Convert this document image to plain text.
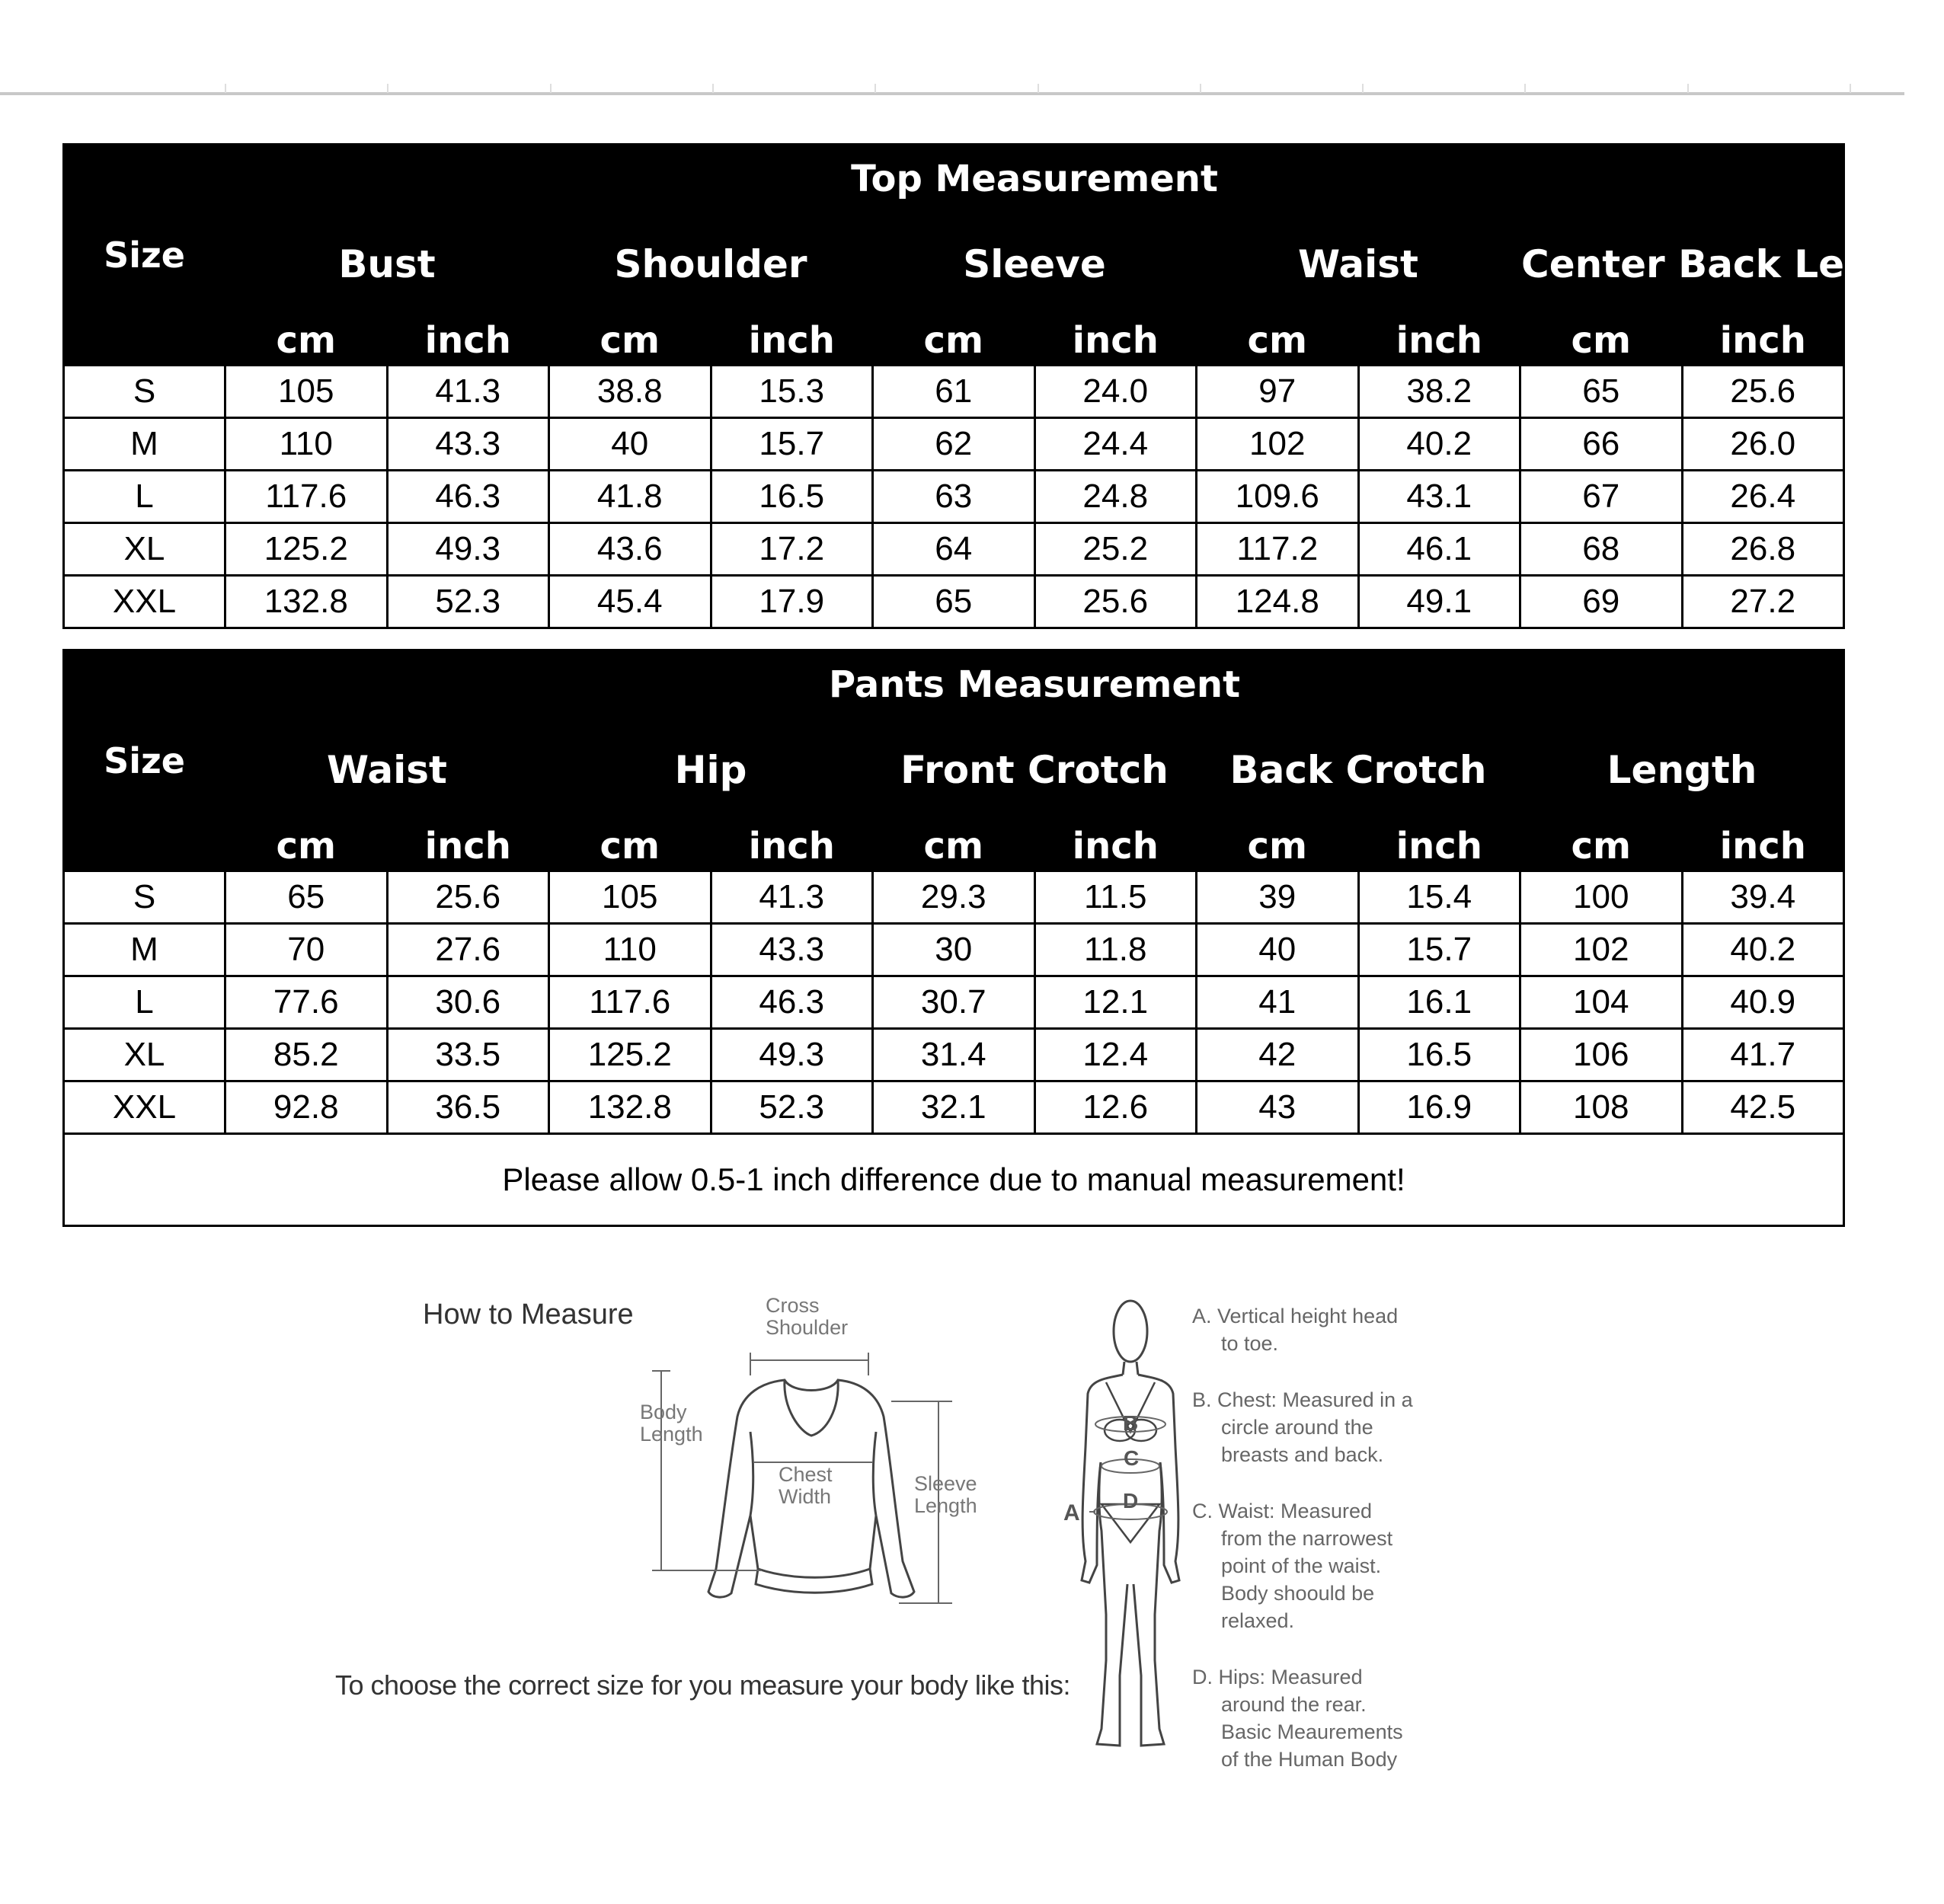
Size	Top Measurement									
	Bust		Shoulder		Sleeve		Waist		Center Back Length	
	cm	inch	cm	inch	cm	inch	cm	inch	cm	inch
S	105	41.3	38.8	15.3	61	24.0	97	38.2	65	25.6
M	110	43.3	40	15.7	62	24.4	102	40.2	66	26.0
L	117.6	46.3	41.8	16.5	63	24.8	109.6	43.1	67	26.4
XL	125.2	49.3	43.6	17.2	64	25.2	117.2	46.1	68	26.8
XXL	132.8	52.3	45.4	17.9	65	25.6	124.8	49.1	69	27.2
Size	Pants Measurement									
	Waist		Hip		Front Crotch		Back Crotch		Length	
	cm	inch	cm	inch	cm	inch	cm	inch	cm	inch
S	65	25.6	105	41.3	29.3	11.5	39	15.4	100	39.4
M	70	27.6	110	43.3	30	11.8	40	15.7	102	40.2
L	77.6	30.6	117.6	46.3	30.7	12.1	41	16.1	104	40.9
XL	85.2	33.5	125.2	49.3	31.4	12.4	42	16.5	106	41.7
XXL	92.8	36.5	132.8	52.3	32.1	12.6	43	16.9	108	42.5
Please allow 0.5-1 inch difference due to manual measurement!										
How to Measure
To choose the correct size for you measure your body like this:
A
B
C
D
Cross
Shoulder
Body
Length
Chest
Width
Sleeve
Length

A. Vertical height head
to toe.

B. Chest: Measured in a
circle around the
breasts and back.

C. Waist: Measured
from the narrowest
point of the waist.
Body shoould be
relaxed.

D. Hips: Measured
around the rear.
Basic Meaurements
of the Human Body
